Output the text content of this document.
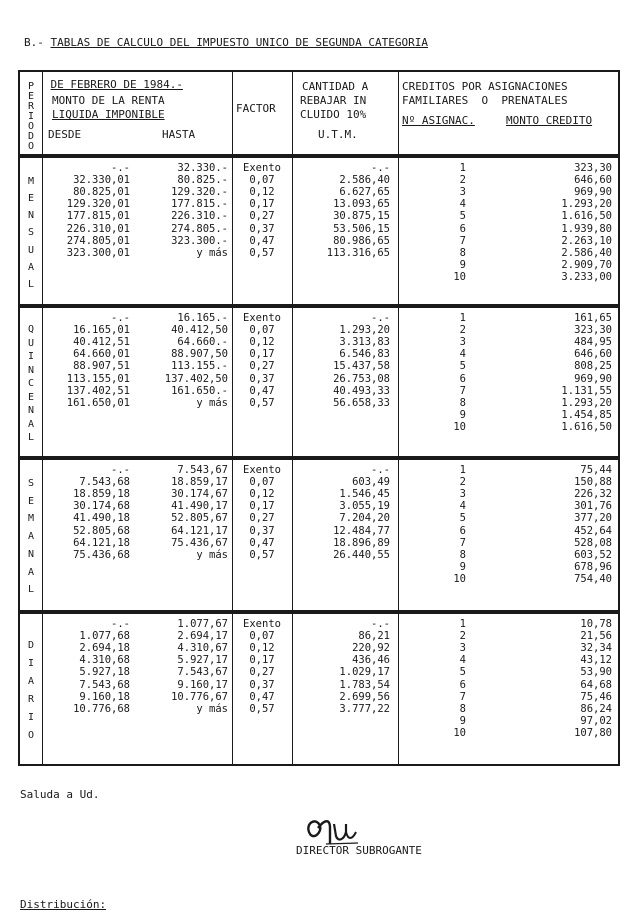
B.- TABLAS DE CALCULO DEL IMPUESTO UNICO DE SEGUNDA CATEGORIA

DE FEBRERO DE 1984.-

P
E
R
I
O
D
O
MONTO DE LA RENTA
LIQUIDA IMPONIBLE
DESDE	HASTA
FACTOR
CANTIDAD A
REBAJAR IN
CLUIDO 10%
U.T.M.
CREDITOS POR ASIGNACIONES
FAMILIARES  O  PRENATALES
Nº ASIGNAC.	MONTO CREDITO
M
E
N
S
U
A
L
-.-	32.330.-	Exento	-.-
32.330,01	80.825.-	0,07	2.586,40
80.825,01	129.320.-	0,12	6.627,65
129.320,01	177.815.-	0,17	13.093,65
177.815,01	226.310.-	0,27	30.875,15
226.310,01	274.805.-	0,37	53.506,15
274.805,01	323.300.-	0,47	80.986,65
323.300,01	y más	0,57	113.316,65
1	323,30
2	646,60
3	969,90
4	1.293,20
5	1.616,50
6	1.939,80
7	2.263,10
8	2.586,40
9	2.909,70
10	3.233,00
Q
U
I
N
C
E
N
A
L
-.-	16.165.-	Exento	-.-
16.165,01	40.412,50	0,07	1.293,20
40.412,51	64.660.-	0,12	3.313,83
64.660,01	88.907,50	0,17	6.546,83
88.907,51	113.155.-	0,27	15.437,58
113.155,01	137.402,50	0,37	26.753,08
137.402,51	161.650.-	0,47	40.493,33
161.650,01	y más	0,57	56.658,33
1	161,65
2	323,30
3	484,95
4	646,60
5	808,25
6	969,90
7	1.131,55
8	1.293,20
9	1.454,85
10	1.616,50
S
E
M
A
N
A
L
-.-	7.543,67	Exento	-.-
7.543,68	18.859,17	0,07	603,49
18.859,18	30.174,67	0,12	1.546,45
30.174,68	41.490,17	0,17	3.055,19
41.490,18	52.805,67	0,27	7.204,20
52.805,68	64.121,17	0,37	12.484,77
64.121,18	75.436,67	0,47	18.896,89
75.436,68	y más	0,57	26.440,55
1	75,44
2	150,88
3	226,32
4	301,76
5	377,20
6	452,64
7	528,08
8	603,52
9	678,96
10	754,40
D
I
A
R
I
O
-.-	1.077,67	Exento	-.-
1.077,68	2.694,17	0,07	86,21
2.694,18	4.310,67	0,12	220,92
4.310,68	5.927,17	0,17	436,46
5.927,18	7.543,67	0,27	1.029,17
7.543,68	9.160,17	0,37	1.783,54
9.160,18	10.776,67	0,47	2.699,56
10.776,68	y más	0,57	3.777,22
1	10,78
2	21,56
3	32,34
4	43,12
5	53,90
6	64,68
7	75,46
8	86,24
9	97,02
10	107,80
Saluda a Ud.
DIRECTOR SUBROGANTE
Distribución:
